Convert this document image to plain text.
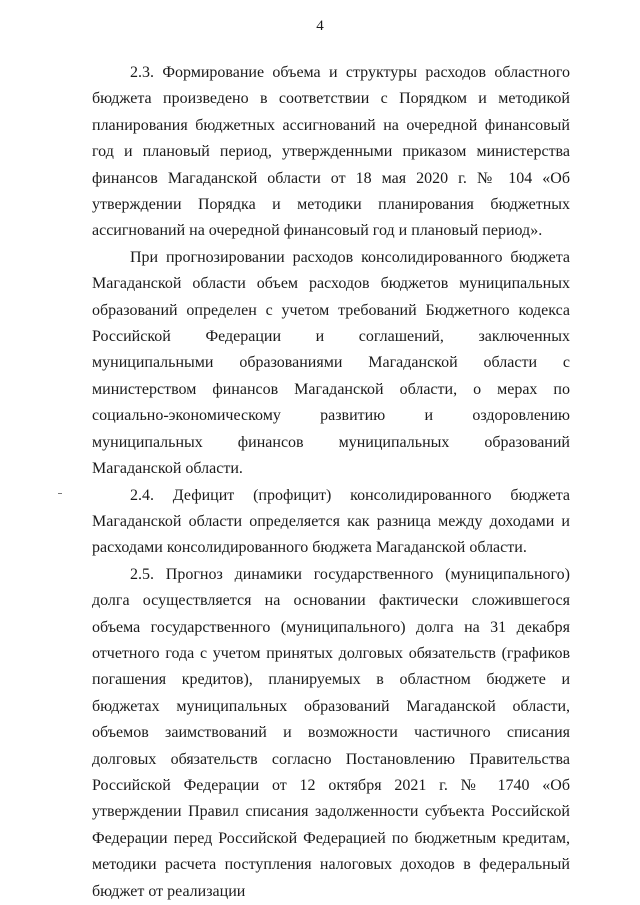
4

2.3. Формирование объема и структуры расходов областного бюджета произведено в соответствии с Порядком и методикой планирования бюджетных ассигнований на очередной финансовый год и плановый период, утвержденными приказом министерства финансов Магаданской области от 18 мая 2020 г. № 104 «Об утверждении Порядка и методики планирования бюджетных ассигнований на очередной финансовый год и плановый период».

При прогнозировании расходов консолидированного бюджета Магаданской области объем расходов бюджетов муниципальных образований определен с учетом требований Бюджетного кодекса Российской Федерации и соглашений, заключенных муниципальными образованиями Магаданской области с министерством финансов Магаданской области, о мерах по социально-экономическому развитию и оздоровлению муниципальных финансов муниципальных образований Магаданской области.

2.4. Дефицит (профицит) консолидированного бюджета Магаданской области определяется как разница между доходами и расходами консолидированного бюджета Магаданской области.

2.5. Прогноз динамики государственного (муниципального) долга осуществляется на основании фактически сложившегося объема государственного (муниципального) долга на 31 декабря отчетного года с учетом принятых долговых обязательств (графиков погашения кредитов), планируемых в областном бюджете и бюджетах муниципальных образований Магаданской области, объемов заимствований и возможности частичного списания долговых обязательств согласно Постановлению Правительства Российской Федерации от 12 октября 2021 г. № 1740 «Об утверждении Правил списания задолженности субъекта Российской Федерации перед Российской Федерацией по бюджетным кредитам, методики расчета поступления налоговых доходов в федеральный бюджет от реализации
